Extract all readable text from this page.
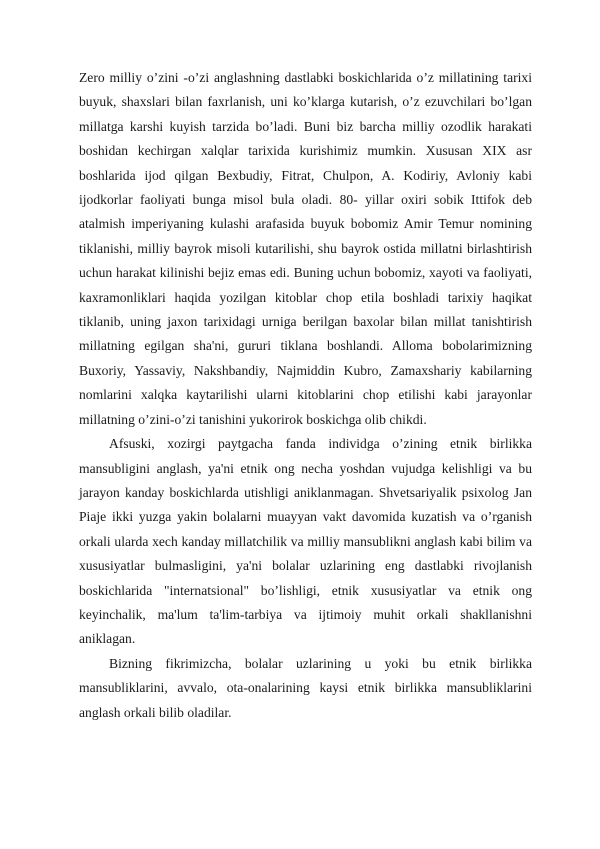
Zero milliy o’zini -o’zi anglashning dastlabki boskichlarida o’z millatining tarixi buyuk, shaxslari bilan faxrlanish, uni ko’klarga kutarish, o’z ezuvchilari bo’lgan millatga karshi kuyish tarzida bo’ladi. Buni biz barcha milliy ozodlik harakati boshidan kechirgan xalqlar tarixida kurishimiz mumkin. Xususan XIX asr boshlarida ijod qilgan Bexbudiy, Fitrat, Chulpon, A. Kodiriy, Avloniy kabi ijodkorlar faoliyati bunga misol bula oladi. 80- yillar oxiri sobik Ittifok deb atalmish imperiyaning kulashi arafasida buyuk bobomiz Amir Temur nomining tiklanishi, milliy bayrok misoli kutarilishi, shu bayrok ostida millatni birlashtirish uchun harakat kilinishi bejiz emas edi. Buning uchun bobomiz, xayoti va faoliyati, kaxramonliklari haqida yozilgan kitoblar chop etila boshladi tarixiy haqikat tiklanib, uning jaxon tarixidagi urniga berilgan baxolar bilan millat tanishtirish millatning egilgan sha'ni, gururi tiklana boshlandi. Alloma bobolarimizning Buxoriy, Yassaviy, Nakshbandiy, Najmiddin Kubro, Zamaxshariy kabilarning nomlarini xalqka kaytarilishi ularni kitoblarini chop etilishi kabi jarayonlar millatning o’zini-o’zi tanishini yukorirok boskichga olib chikdi.

Afsuski, xozirgi paytgacha fanda individga o’zining etnik birlikka mansubligini anglash, ya'ni etnik ong necha yoshdan vujudga kelishligi va bu jarayon kanday boskichlarda utishligi aniklanmagan. Shvetsariyalik psixolog Jan Piaje ikki yuzga yakin bolalarni muayyan vakt davomida kuzatish va o’rganish orkali ularda xech kanday millatchilik va milliy mansublikni anglash kabi bilim va xususiyatlar bulmasligini, ya'ni bolalar uzlarining eng dastlabki rivojlanish boskichlarida "internatsional" bo’lishligi, etnik xususiyatlar va etnik ong keyinchalik, ma'lum ta'lim-tarbiya va ijtimoiy muhit orkali shakllanishni aniklagan.

Bizning fikrimizcha, bolalar uzlarining u yoki bu etnik birlikka mansubliklarini, avvalo, ota-onalarining kaysi etnik birlikka mansubliklarini anglash orkali bilib oladilar.
